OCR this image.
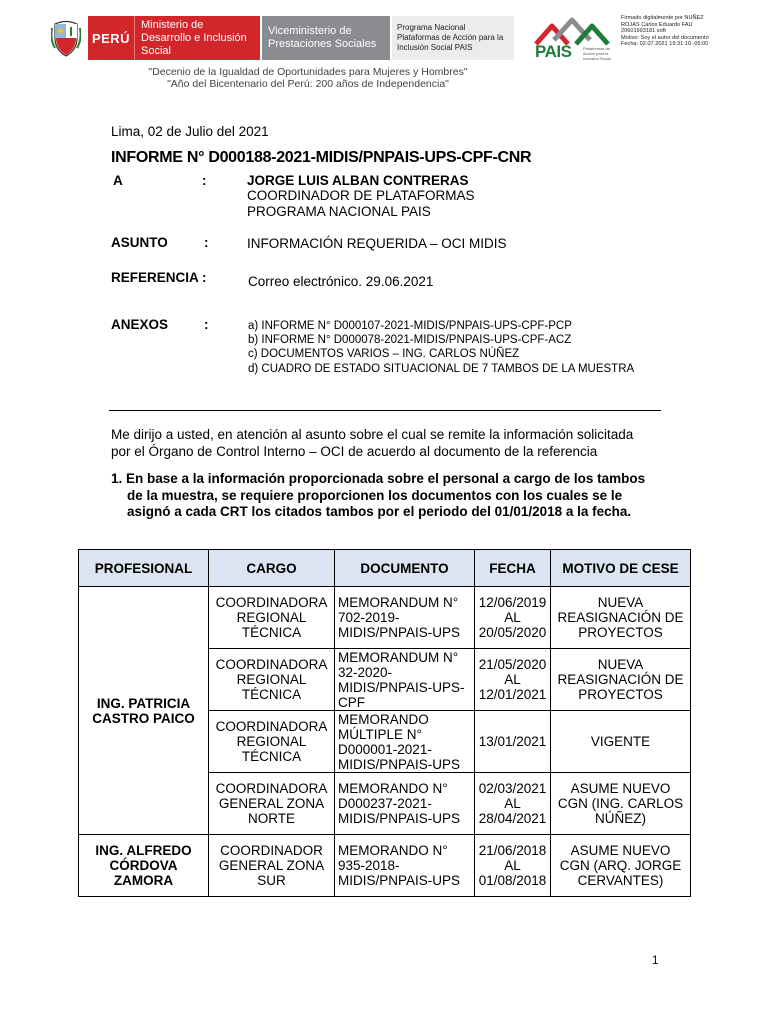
PERÚ
Ministerio de Desarrollo e Inclusión Social
Viceministerio de Prestaciones Sociales
Programa Nacional Plataformas de Acción para la Inclusión Social PAIS	PAIS	Plataformas de Acción para la Inclusión Social
Firmado digitalmente por NUÑEZ
ROJAS Carlos Eduardo FAU
20601993181 soft
Motivo: Soy el autor del documento
Fecha: 02.07.2021 19:31:10 -05:00
"Decenio de la Igualdad de Oportunidades para Mujeres y Hombres"
"Año del Bicentenario del Perú: 200 años de Independencia"
Lima, 02 de Julio del 2021
INFORME N° D000188-2021-MIDIS/PNPAIS-UPS-CPF-CNR
A	:	JORGE LUIS ALBAN CONTRERAS
COORDINADOR DE PLATAFORMAS
PROGRAMA NACIONAL PAIS
ASUNTO	:	INFORMACIÓN REQUERIDA – OCI MIDIS
REFERENCIA :	Correo electrónico. 29.06.2021
ANEXOS	:	a) INFORME N° D000107-2021-MIDIS/PNPAIS-UPS-CPF-PCP
b) INFORME N° D000078-2021-MIDIS/PNPAIS-UPS-CPF-ACZ
c) DOCUMENTOS VARIOS – ING. CARLOS NÚÑEZ
d) CUADRO DE ESTADO SITUACIONAL DE 7 TAMBOS DE LA MUESTRA
Me dirijo a usted, en atención al asunto sobre el cual se remite la información solicitada
por el Órgano de Control Interno – OCI de acuerdo al documento de la referencia
1. En base a la información proporcionada sobre el personal a cargo de los tambos
de la muestra, se requiere proporcionen los documentos con los cuales se le
asignó a cada CRT los citados tambos por el periodo del 01/01/2018 a la fecha.
PROFESIONAL	CARGO	DOCUMENTO	FECHA	MOTIVO DE CESE
ING. PATRICIA CASTRO PAICO	COORDINADORA REGIONAL TÉCNICA	MEMORANDUM N° 702-2019-MIDIS/PNPAIS-UPS	12/06/2019 AL 20/05/2020	NUEVA REASIGNACIÓN DE PROYECTOS
	COORDINADORA REGIONAL TÉCNICA	MEMORANDUM N° 32-2020-MIDIS/PNPAIS-UPS-CPF	21/05/2020 AL 12/01/2021	NUEVA REASIGNACIÓN DE PROYECTOS
	COORDINADORA REGIONAL TÉCNICA	MEMORANDO MÚLTIPLE N° D000001-2021-MIDIS/PNPAIS-UPS	13/01/2021	VIGENTE
	COORDINADORA GENERAL ZONA NORTE	MEMORANDO N° D000237-2021-MIDIS/PNPAIS-UPS	02/03/2021 AL 28/04/2021	ASUME NUEVO CGN (ING. CARLOS NÚÑEZ)
ING. ALFREDO CÓRDOVA ZAMORA	COORDINADOR GENERAL ZONA SUR	MEMORANDO N° 935-2018-MIDIS/PNPAIS-UPS	21/06/2018 AL 01/08/2018	ASUME NUEVO CGN (ARQ. JORGE CERVANTES)
1
